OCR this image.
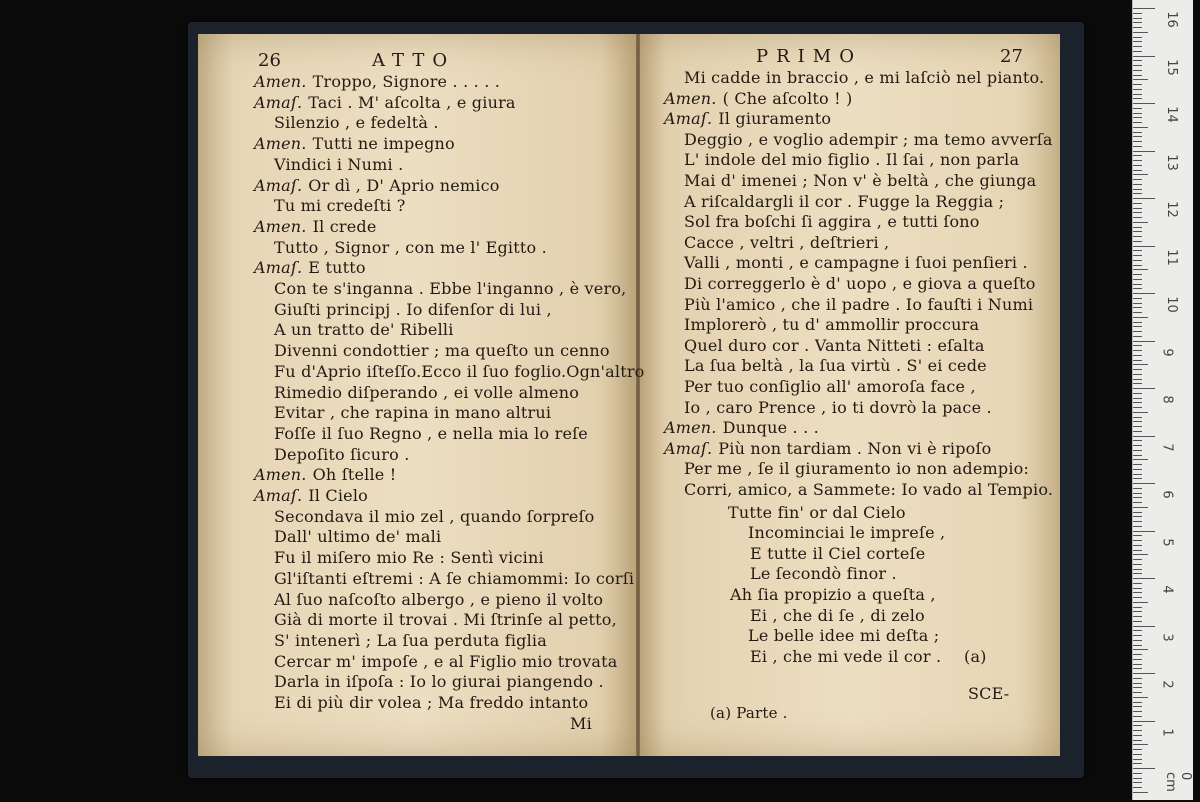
26	ATTO
Amen. Troppo, Signore . . . . .
Amaſ. Taci . M' aſcolta , e giura
Silenzio , e fedeltà .
Amen. Tutti ne impegno
Vindici i Numi .
Amaſ. Or dì , D' Aprio nemico
Tu mi credeſti ?
Amen. Il crede
Tutto , Signor , con me l' Egitto .
Amaſ. E tutto
Con te s'inganna . Ebbe l'inganno , è vero,
Giuſti principj . Io difenſor di lui ,
A un tratto de' Ribelli
Divenni condottier ; ma queſto un cenno
Fu d'Aprio iſteſſo.Ecco il ſuo foglio.Ogn'altro
Rimedio diſperando , ei volle almeno
Evitar , che rapina in mano altrui
Foſſe il ſuo Regno , e nella mia lo reſe
Depoſito ſicuro .
Amen. Oh ſtelle !
Amaſ. Il Cielo
Secondava il mio zel , quando ſorpreſo
Dall' ultimo de' mali
Fu il miſero mio Re : Sentì vicini
Gl'iſtanti eſtremi : A ſe chiamommi: Io corſi
Al ſuo naſcoſto albergo , e pieno il volto
Già di morte il trovai . Mi ſtrinſe al petto,
S' intenerì ; La ſua perduta figlia
Cercar m' impoſe , e al Figlio mio trovata
Darla in iſpoſa : Io lo giurai piangendo .
Ei di più dir volea ; Ma freddo intanto
Mi
PRIMO	27
Mi cadde in braccio , e mi laſciò nel pianto.
Amen. ( Che aſcolto ! )
Amaſ. Il giuramento
Deggio , e voglio adempir ; ma temo avverſa
L' indole del mio figlio . Il ſai , non parla
Mai d' imenei ; Non v' è beltà , che giunga
A riſcaldargli il cor . Fugge la Reggia ;
Sol fra boſchi ſi aggira , e tutti ſono
Cacce , veltri , deſtrieri ,
Valli , monti , e campagne i ſuoi penſieri .
Di correggerlo è d' uopo , e giova a queſto
Più l'amico , che il padre . Io fauſti i Numi
Implorerò , tu d' ammollir proccura
Quel duro cor . Vanta Nitteti : eſalta
La ſua beltà , la ſua virtù . S' ei cede
Per tuo conſiglio all' amoroſa face ,
Io , caro Prence , io ti dovrò la pace .
Amen. Dunque . . .
Amaſ. Più non tardiam . Non vi è ripoſo
Per me , ſe il giuramento io non adempio:
Corri, amico, a Sammete: Io vado al Tempio.
Tutte fin' or dal Cielo
Incominciai le impreſe ,
E tutte il Ciel corteſe
Le ſecondò finor .
Ah ſia propizio a queſta ,
Ei , che di ſe , di zelo
Le belle idee mi deſta ;
Ei , che mi vede il cor . (a)
SCE-
(a) Parte .
16
15
14
13
12
11
10
9
8
7
6
5
4
3
2
1
0 cm
